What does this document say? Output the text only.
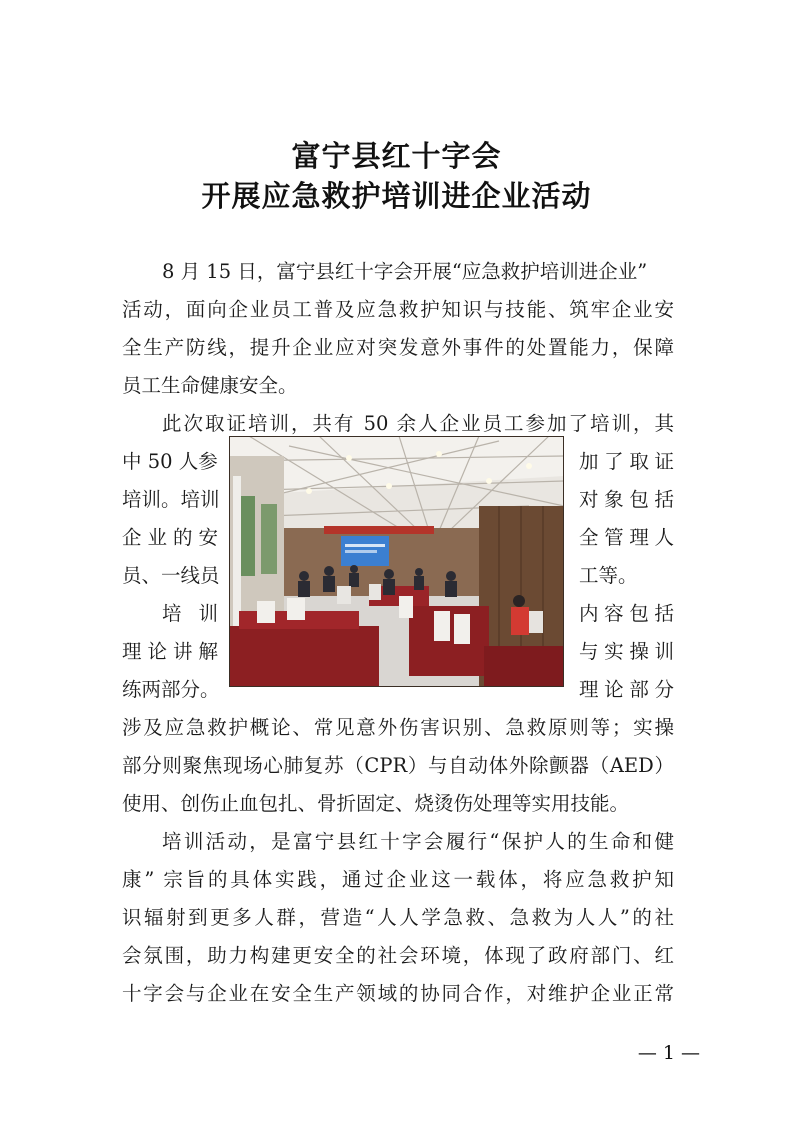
富宁县红十字会
开展应急救护培训进企业活动
8 月 15 日，富宁县红十字会开展“应急救护培训进企业”
活动，面向企业员工普及应急救护知识与技能、筑牢企业安
全生产防线，提升企业应对突发意外事件的处置能力，保障
员工生命健康安全。
此次取证培训，共有 50 余人企业员工参加了培训，其
中 50 人参	加了取证
培训。培训	对象包括
企业的安	全管理人
员、一线员	工等。
培训	内容包括
理论讲解	与实操训
练两部分。	理论部分
涉及应急救护概论、常见意外伤害识别、急救原则等；实操
部分则聚焦现场心肺复苏（CPR）与自动体外除颤器（AED）
使用、创伤止血包扎、骨折固定、烧烫伤处理等实用技能。
培训活动，是富宁县红十字会履行“保护人的生命和健
康” 宗旨的具体实践，通过企业这一载体，将应急救护知
识辐射到更多人群，营造“人人学急救、急救为人人”的社
会氛围，助力构建更安全的社会环境，体现了政府部门、红
十字会与企业在安全生产领域的协同合作，对维护企业正常
— 1 —
